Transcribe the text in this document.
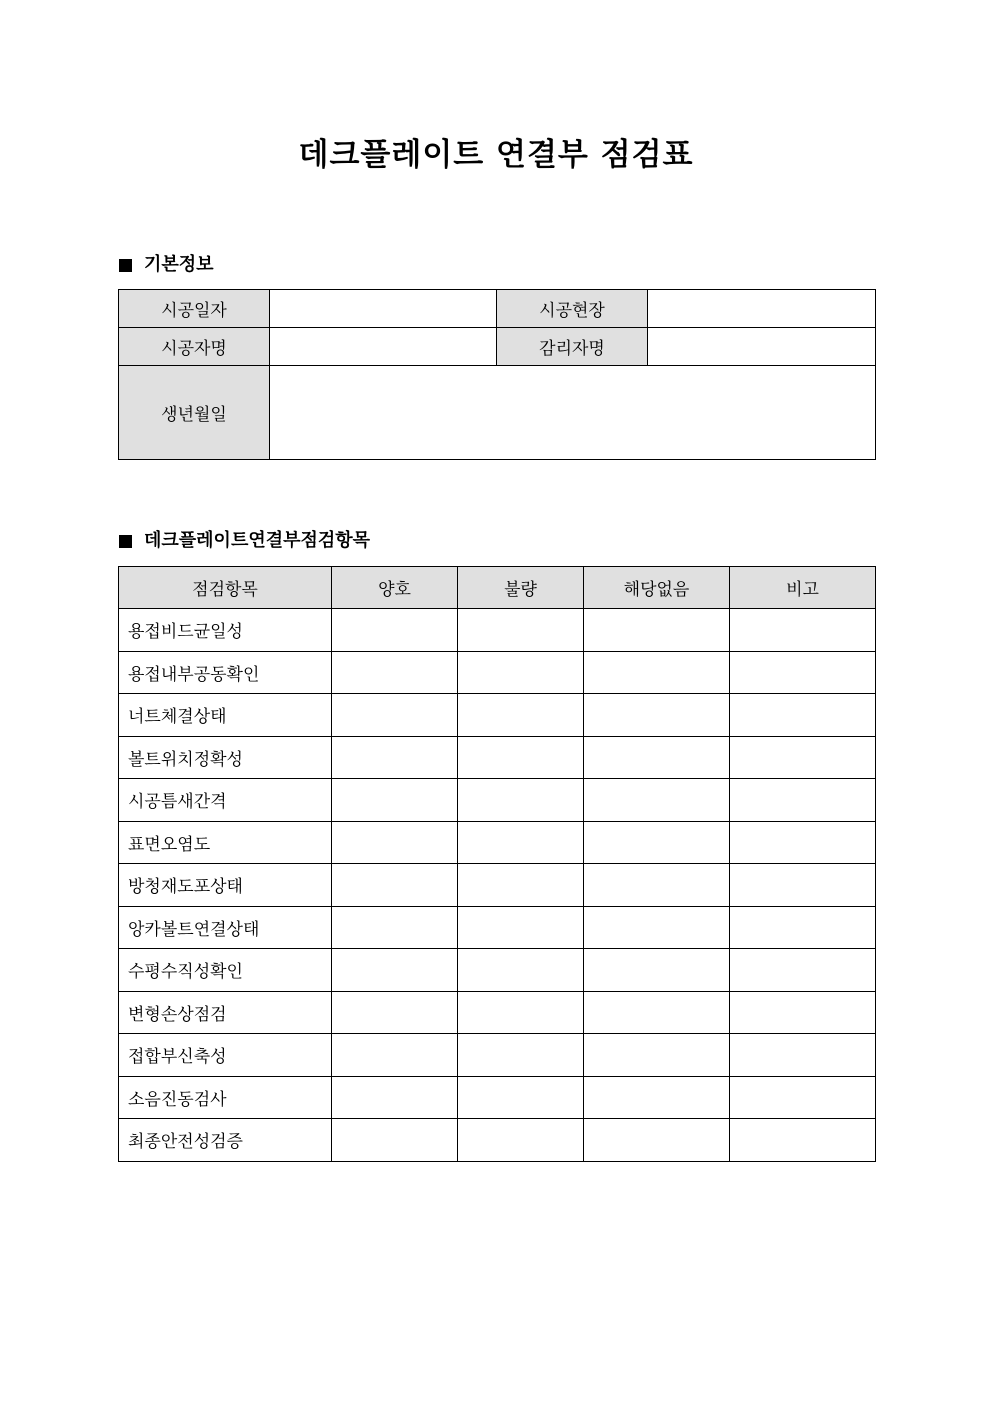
데크플레이트 연결부 점검표
기본정보
시공일자		시공현장	
시공자명		감리자명	
생년월일			
데크플레이트연결부점검항목
점검항목	양호	불량	해당없음	비고
용접비드균일성				
용접내부공동확인				
너트체결상태				
볼트위치정확성				
시공틈새간격				
표면오염도				
방청재도포상태				
앙카볼트연결상태				
수평수직성확인				
변형손상점검				
접합부신축성				
소음진동검사				
최종안전성검증				
